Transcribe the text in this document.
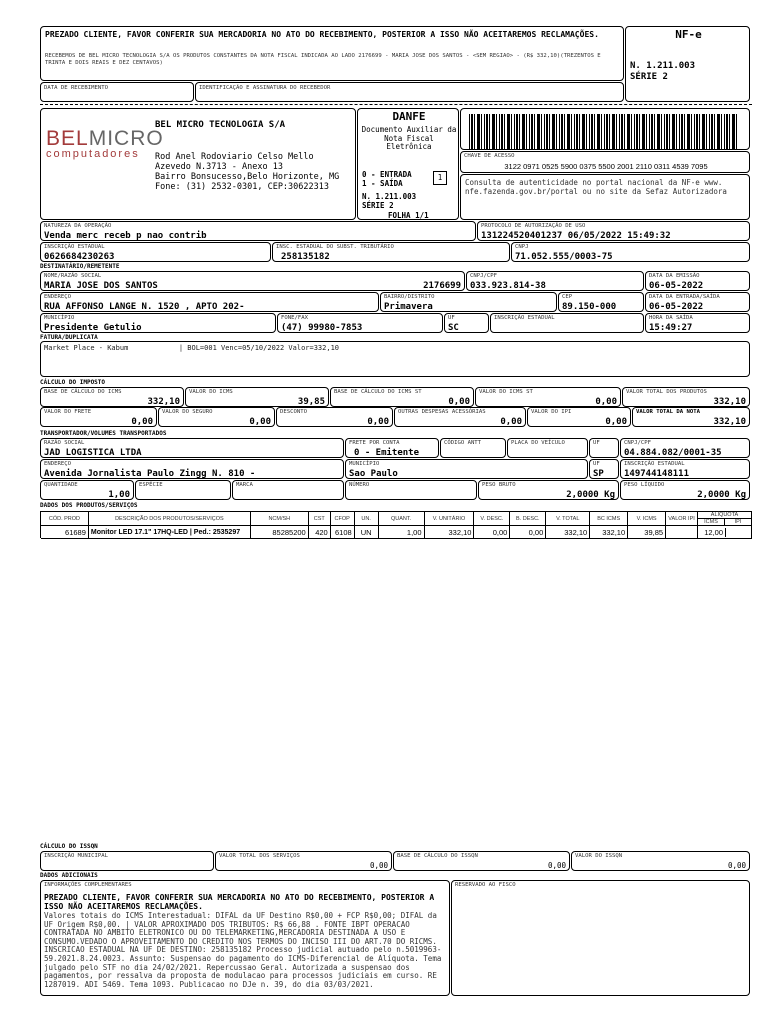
PREZADO CLIENTE, FAVOR CONFERIR SUA MERCADORIA NO ATO DO RECEBIMENTO, POSTERIOR A ISSO NÃO ACEITAREMOS RECLAMAÇÕES.
RECEBEMOS DE BEL MICRO TECNOLOGIA S/A OS PRODUTOS CONSTANTES DA NOTA FISCAL INDICADA AO LADO 2176699 - MARIA JOSE DOS SANTOS - <SEM REGIAO> - (R$ 332,10)(TREZENTOS E TRINTA E DOIS REAIS E DEZ CENTAVOS)
NF-e
N. 1.211.003
SÉRIE 2
DATA DE RECEBIMENTO	IDENTIFICAÇÃO E ASSINATURA DO RECEBEDOR
BELMICRO
computadores
BEL MICRO TECNOLOGIA S/A
Rod Anel Rodoviario Celso Mello
Azevedo N.3713 - Anexo 13
Bairro Bonsucesso,Belo Horizonte, MG
Fone: (31) 2532-0301, CEP:30622313
DANFE
Documento Auxiliar da Nota Fiscal Eletrônica
0 - ENTRADA
1 - SAÍDA
1
N. 1.211.003
SÉRIE 2
FOLHA 1/1
CHAVE DE ACESSO
3122 0971 0525 5900 0375 5500 2001 2110 0311 4539 7095
Consulta de autenticidade no portal nacional da NF-e www. nfe.fazenda.gov.br/portal ou no site da Sefaz Autorizadora
NATUREZA DA OPERAÇÃO
Venda merc receb p nao contrib
PROTOCOLO DE AUTORIZAÇÃO DE USO
131224520401237 06/05/2022 15:49:32
INSCRIÇÃO ESTADUAL
0626684230263
INSC. ESTADUAL DO SUBST. TRIBUTÁRIO
258135182
CNPJ
71.052.555/0003-75
DESTINATÁRIO/REMETENTE
NOME/RAZÃO SOCIAL
MARIA JOSE DOS SANTOS	2176699
CNPJ/CPF
033.923.814-38
DATA DA EMISSÃO
06-05-2022
ENDEREÇO
RUA AFFONSO LANGE N. 1520 , APTO 202-
BAIRRO/DISTRITO
Primavera
CEP
89.150-000
DATA DA ENTRADA/SAÍDA
06-05-2022
MUNICÍPIO
Presidente Getulio
FONE/FAX
(47) 99980-7853
UF
SC
INSCRIÇÃO ESTADUAL	HORA DA SAÍDA
15:49:27
FATURA/DUPLICATA
Market Place - Kabum            | BOL=001 Venc=05/10/2022 Valor=332,10
CÁLCULO DO IMPOSTO
BASE DE CÁLCULO DO ICMS
332,10
VALOR DO ICMS
39,85
BASE DE CÁLCULO DO ICMS ST
0,00
VALOR DO ICMS ST
0,00
VALOR TOTAL DOS PRODUTOS
332,10
VALOR DO FRETE
0,00
VALOR DO SEGURO
0,00
DESCONTO
0,00
OUTRAS DESPESAS ACESSÓRIAS
0,00
VALOR DO IPI
0,00
VALOR TOTAL DA NOTA
332,10
TRANSPORTADOR/VOLUMES TRANSPORTADOS
RAZÃO SOCIAL
JAD LOGISTICA LTDA
FRETE POR CONTA
0 - Emitente
CÓDIGO ANTT	PLACA DO VEÍCULO	UF	CNPJ/CPF
04.884.082/0001-35
ENDEREÇO
Avenida Jornalista Paulo Zingg N. 810 -
MUNICÍPIO
Sao Paulo
UF
SP
INSCRIÇÃO ESTADUAL
149744148111
QUANTIDADE
1,00
ESPÉCIE	MARCA	NÚMERO	PESO BRUTO
2,0000 Kg
PESO LÍQUIDO
2,0000 Kg
DADOS DOS PRODUTOS/SERVIÇOS
CÓD. PROD	DESCRIÇÃO DOS PRODUTOS/SERVIÇOS	NCM/SH	CST	CFOP	UN.	QUANT.	V. UNITÁRIO	V. DESC.	B. DESC.	V. TOTAL	BC ICMS	V. ICMS	VALOR IPI	ALÍQUOTA
ICMS IPI

61689	Monitor LED 17.1" 17HQ-LED | Ped.: 2535297	85285200	420	6108	UN	1,00	332,10	0,00	0,00	332,10	332,10	39,85		12,00
CÁLCULO DO ISSQN
INSCRIÇÃO MUNICIPAL	VALOR TOTAL DOS SERVIÇOS
0,00
BASE DE CÁLCULO DO ISSQN
0,00
VALOR DO ISSQN
0,00
DADOS ADICIONAIS
INFORMAÇÕES COMPLEMENTARES
PREZADO CLIENTE, FAVOR CONFERIR SUA MERCADORIA NO ATO DO RECEBIMENTO, POSTERIOR A ISSO NÃO ACEITAREMOS RECLAMAÇÕES.
Valores totais do ICMS Interestadual: DIFAL da UF Destino R$0,00 + FCP R$0,00; DIFAL da UF Origem R$0,00. | VALOR APROXIMADO DOS TRIBUTOS: R$ 66,88 . FONTE IBPT OPERACAO CONTRATADA NO AMBITO ELETRONICO OU DO TELEMARKETING,MERCADORIA DESTINADA A USO E CONSUMO.VEDADO O APROVEITAMENTO DO CREDITO NOS TERMOS DO INCISO III DO ART.70 DO RICMS. INSCRICAO ESTADUAL NA UF DE DESTINO: 258135182 Processo judicial autuado pelo n.5019963-59.2021.8.24.0023. Assunto: Suspensao do pagamento do ICMS-Diferencial de Alíquota. Tema julgado pelo STF no dia 24/02/2021. Repercussao Geral. Autorizada a suspensao dos pagamentos, por ressalva da proposta de modulacao para processos judiciais em curso. RE 1287019. ADI 5469. Tema 1093. Publicacao no DJe n. 39, do dia 03/03/2021.
RESERVADO AO FISCO
